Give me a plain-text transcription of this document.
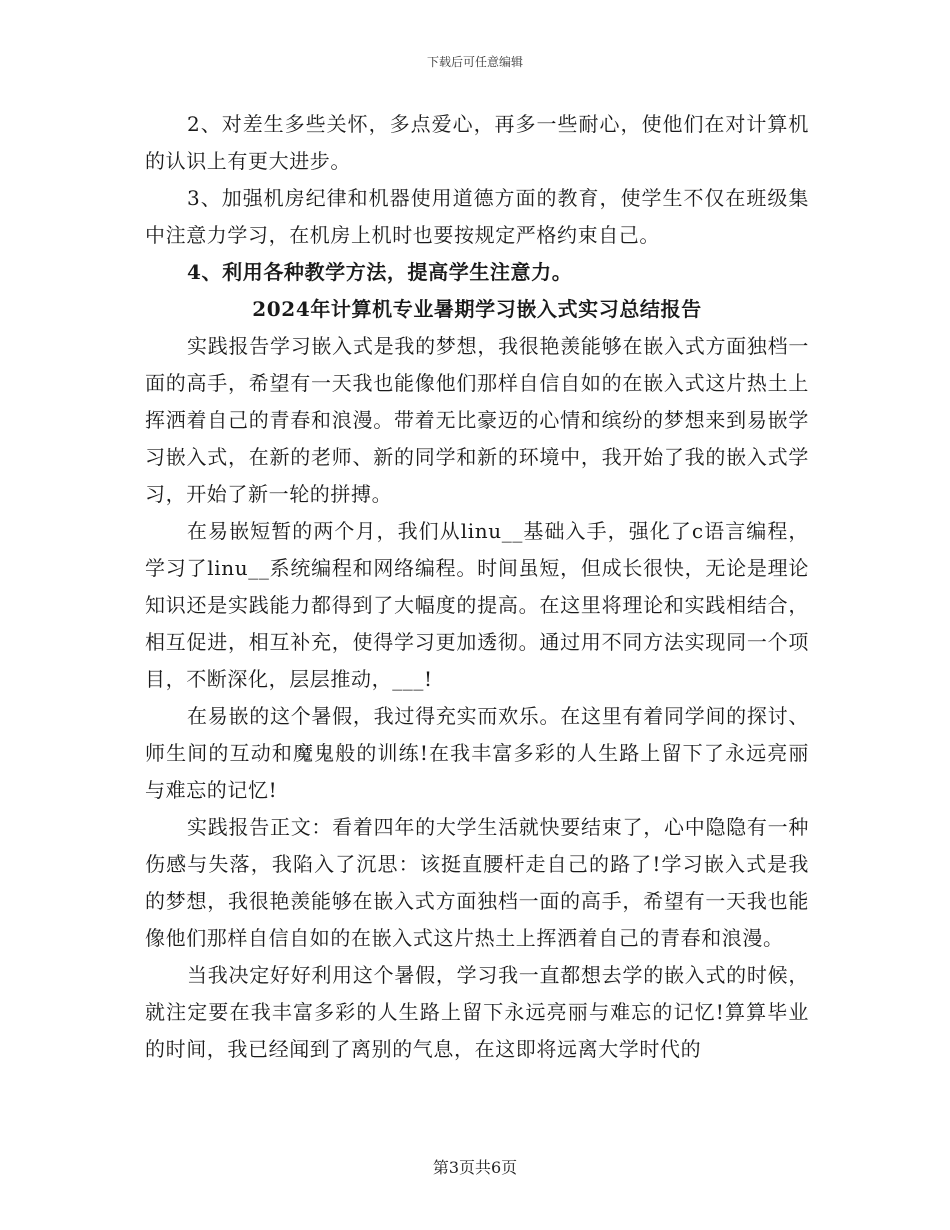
下载后可任意编辑

2、对差生多些关怀，多点爱心，再多一些耐心，使他们在对计算机的认识上有更大进步。

3、加强机房纪律和机器使用道德方面的教育，使学生不仅在班级集中注意力学习，在机房上机时也要按规定严格约束自己。

4、利用各种教学方法，提高学生注意力。

2024年计算机专业暑期学习嵌入式实习总结报告

实践报告学习嵌入式是我的梦想，我很艳羡能够在嵌入式方面独档一面的高手，希望有一天我也能像他们那样自信自如的在嵌入式这片热土上挥洒着自己的青春和浪漫。带着无比豪迈的心情和缤纷的梦想来到易嵌学习嵌入式，在新的老师、新的同学和新的环境中，我开始了我的嵌入式学习，开始了新一轮的拼搏。

在易嵌短暂的两个月，我们从linu__基础入手，强化了c语言编程，学习了linu__系统编程和网络编程。时间虽短，但成长很快，无论是理论知识还是实践能力都得到了大幅度的提高。在这里将理论和实践相结合，相互促进，相互补充，使得学习更加透彻。通过用不同方法实现同一个项目，不断深化，层层推动，___!

在易嵌的这个暑假，我过得充实而欢乐。在这里有着同学间的探讨、师生间的互动和魔鬼般的训练!在我丰富多彩的人生路上留下了永远亮丽与难忘的记忆!

实践报告正文：看着四年的大学生活就快要结束了，心中隐隐有一种伤感与失落，我陷入了沉思：该挺直腰杆走自己的路了!学习嵌入式是我的梦想，我很艳羡能够在嵌入式方面独档一面的高手，希望有一天我也能像他们那样自信自如的在嵌入式这片热土上挥洒着自己的青春和浪漫。

当我决定好好利用这个暑假，学习我一直都想去学的嵌入式的时候，就注定要在我丰富多彩的人生路上留下永远亮丽与难忘的记忆!算算毕业的时间，我已经闻到了离别的气息，在这即将远离大学时代的

第3页共6页
